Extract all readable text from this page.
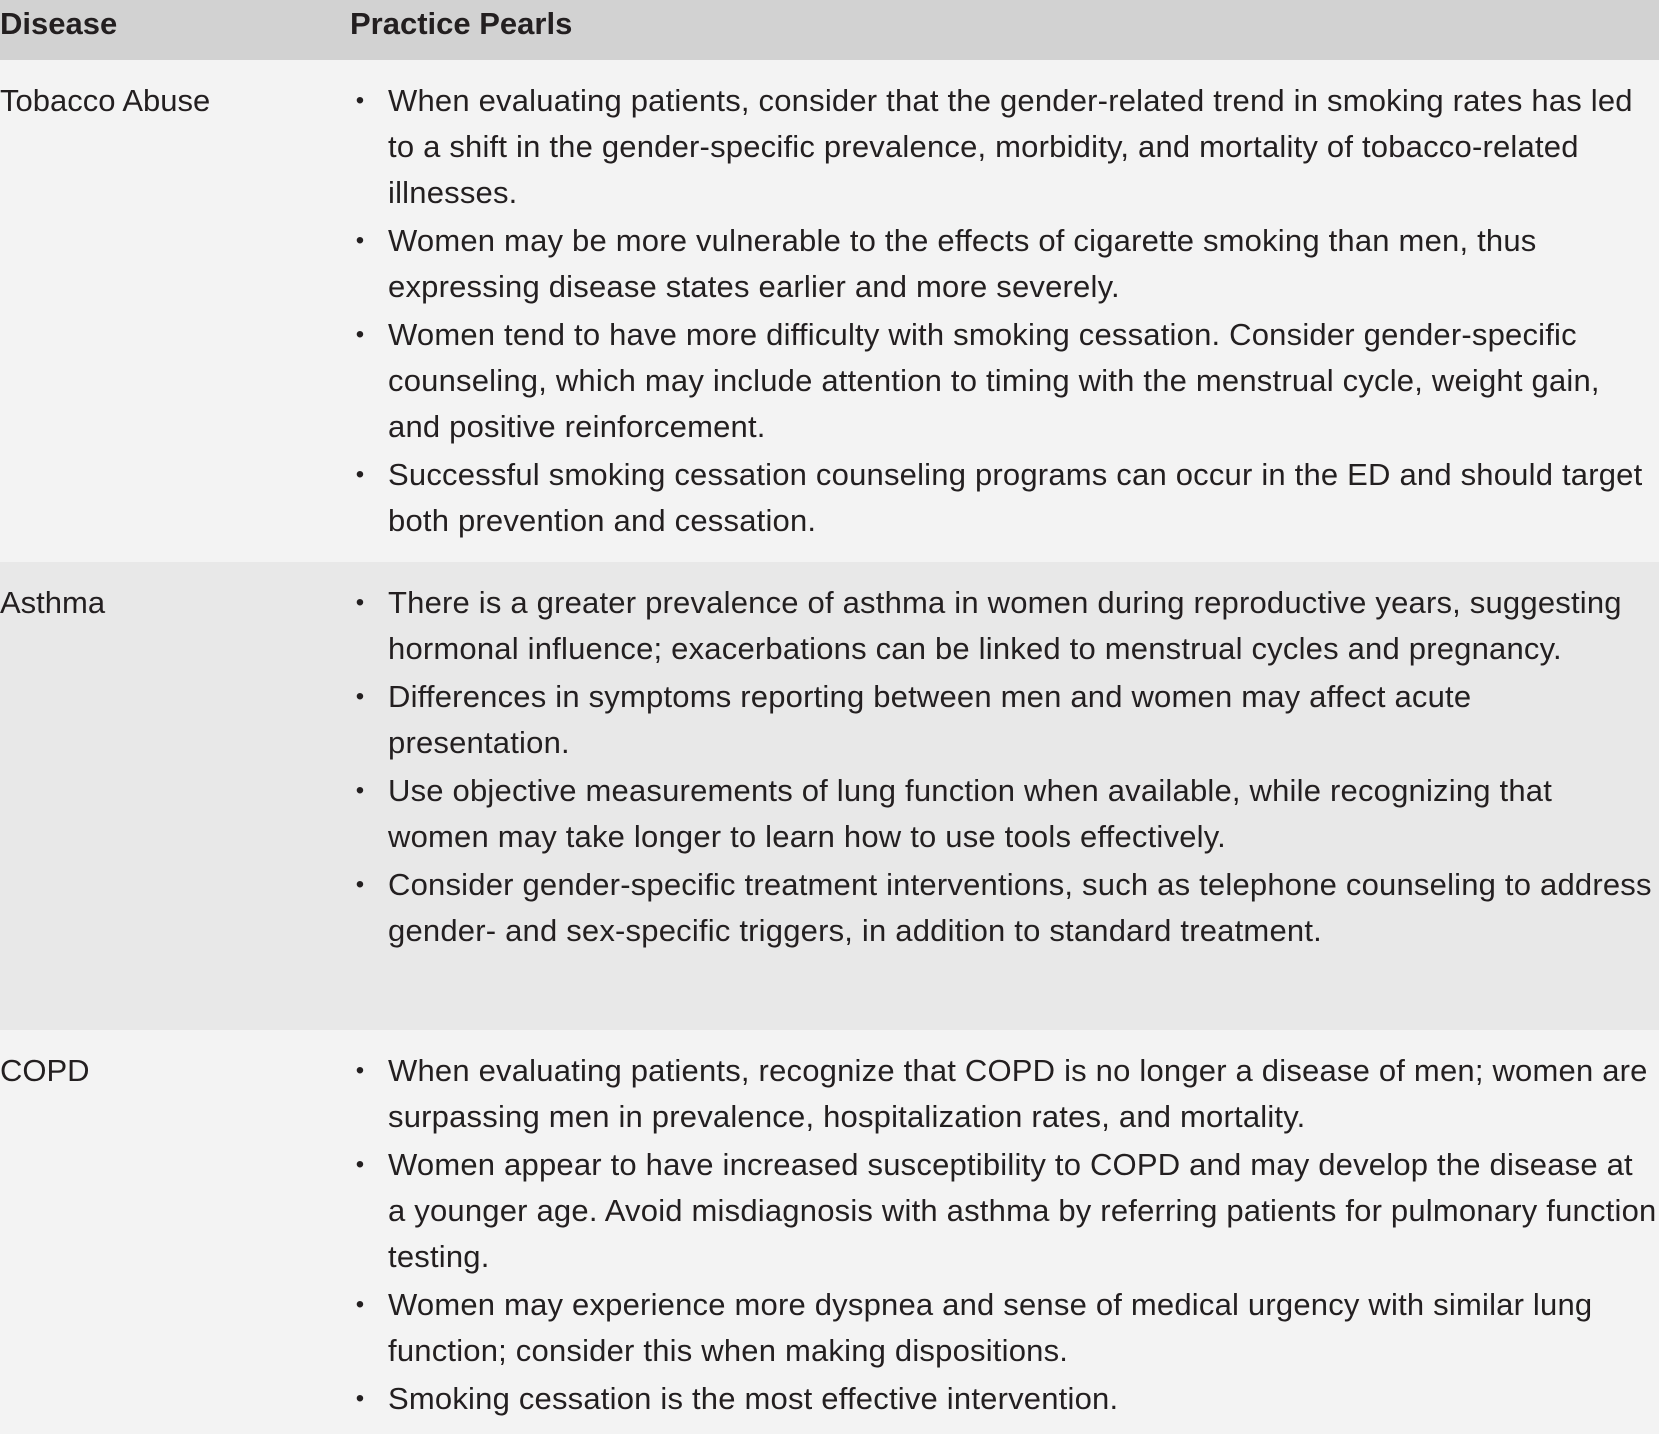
Disease	Practice Pearls
Tobacco Abuse	• When evaluating patients, consider that the gender-related trend in smoking rates has led to a shift in the gender-specific prevalence, morbidity, and mortality of tobacco-related illnesses.
• Women may be more vulnerable to the effects of cigarette smoking than men, thus expressing disease states earlier and more severely.
• Women tend to have more difficulty with smoking cessation. Consider gender-specific counseling, which may include attention to timing with the menstrual cycle, weight gain, and positive reinforcement.
• Successful smoking cessation counseling programs can occur in the ED and should target both prevention and cessation.
Asthma	• There is a greater prevalence of asthma in women during reproductive years, suggesting hormonal influence; exacerbations can be linked to menstrual cycles and pregnancy.
• Differences in symptoms reporting between men and women may affect acute presentation.
• Use objective measurements of lung function when available, while recognizing that women may take longer to learn how to use tools effectively.
• Consider gender-specific treatment interventions, such as telephone counseling to address gender- and sex-specific triggers, in addition to standard treatment.
COPD	• When evaluating patients, recognize that COPD is no longer a disease of men; women are surpassing men in prevalence, hospitalization rates, and mortality.
• Women appear to have increased susceptibility to COPD and may develop the disease at a younger age. Avoid misdiagnosis with asthma by referring patients for pulmonary function testing.
• Women may experience more dyspnea and sense of medical urgency with similar lung function; consider this when making dispositions.
• Smoking cessation is the most effective intervention.
